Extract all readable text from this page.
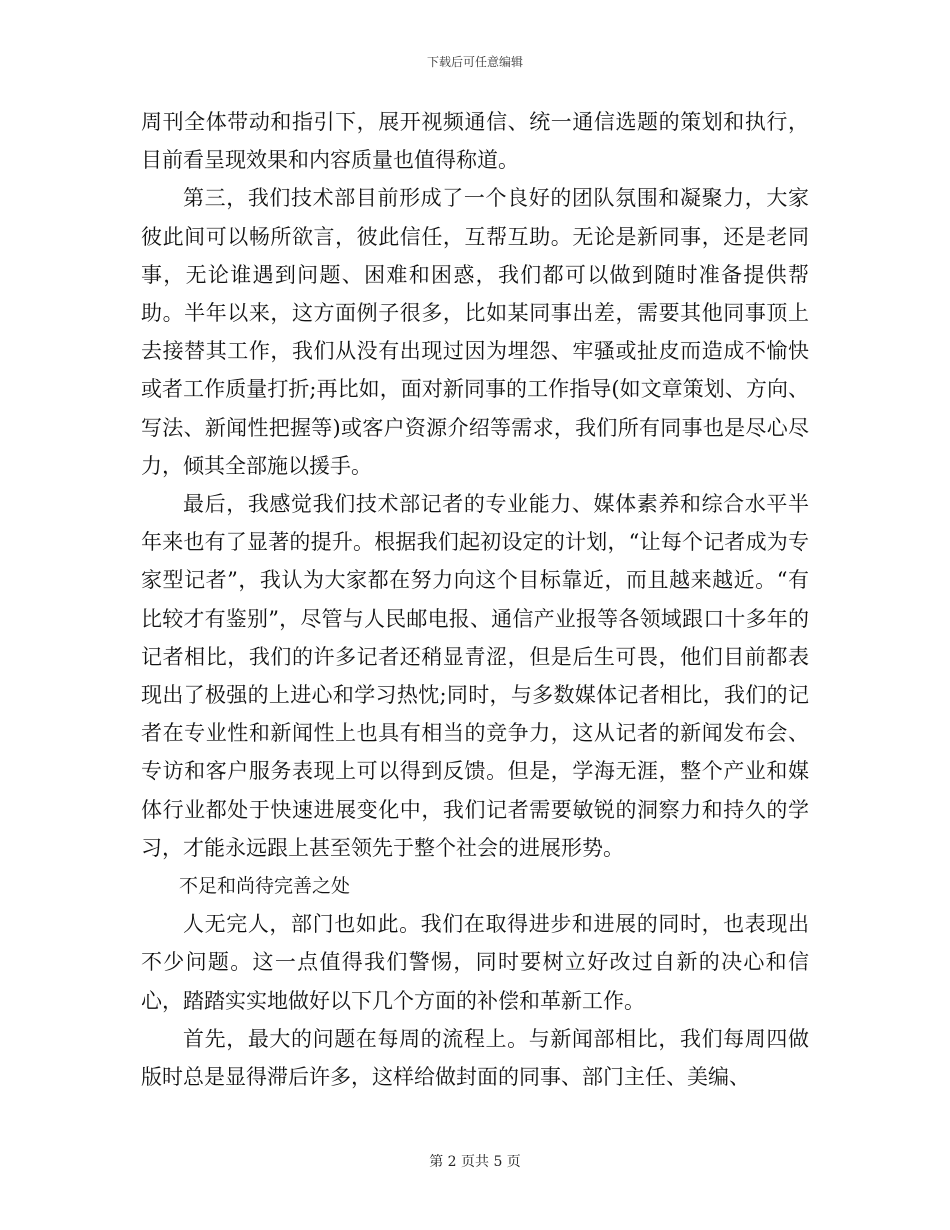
下载后可任意编辑

周刊全体带动和指引下，展开视频通信、统一通信选题的策划和执行，目前看呈现效果和内容质量也值得称道。

第三，我们技术部目前形成了一个良好的团队氛围和凝聚力，大家彼此间可以畅所欲言，彼此信任，互帮互助。无论是新同事，还是老同事，无论谁遇到问题、困难和困惑，我们都可以做到随时准备提供帮助。半年以来，这方面例子很多，比如某同事出差，需要其他同事顶上去接替其工作，我们从没有出现过因为埋怨、牢骚或扯皮而造成不愉快或者工作质量打折;再比如，面对新同事的工作指导(如文章策划、方向、写法、新闻性把握等)或客户资源介绍等需求，我们所有同事也是尽心尽力，倾其全部施以援手。

最后，我感觉我们技术部记者的专业能力、媒体素养和综合水平半年来也有了显著的提升。根据我们起初设定的计划，“让每个记者成为专家型记者”，我认为大家都在努力向这个目标靠近，而且越来越近。“有比较才有鉴别”，尽管与人民邮电报、通信产业报等各领域跟口十多年的记者相比，我们的许多记者还稍显青涩，但是后生可畏，他们目前都表现出了极强的上进心和学习热忱;同时，与多数媒体记者相比，我们的记者在专业性和新闻性上也具有相当的竞争力，这从记者的新闻发布会、专访和客户服务表现上可以得到反馈。但是，学海无涯，整个产业和媒体行业都处于快速进展变化中，我们记者需要敏锐的洞察力和持久的学习，才能永远跟上甚至领先于整个社会的进展形势。

不足和尚待完善之处

人无完人，部门也如此。我们在取得进步和进展的同时，也表现出不少问题。这一点值得我们警惕，同时要树立好改过自新的决心和信心，踏踏实实地做好以下几个方面的补偿和革新工作。

首先，最大的问题在每周的流程上。与新闻部相比，我们每周四做版时总是显得滞后许多，这样给做封面的同事、部门主任、美编、

第 2 页共 5 页
